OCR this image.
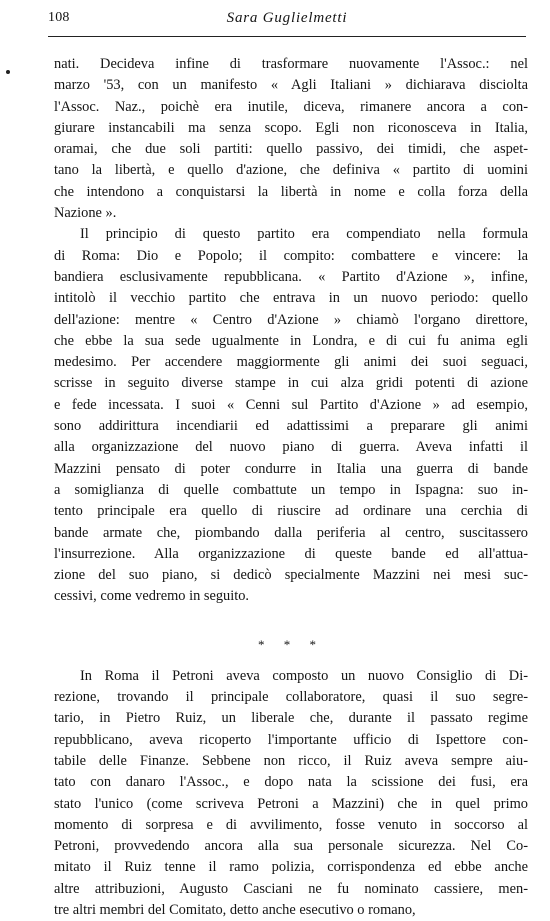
108	Sara Guglielmetti
nati. Decideva infine di trasformare nuovamente l'Assoc.: nel
marzo '53, con un manifesto « Agli Italiani » dichiarava disciolta
l'Assoc. Naz., poichè era inutile, diceva, rimanere ancora a con-
giurare instancabili ma senza scopo. Egli non riconosceva in Italia,
oramai, che due soli partiti: quello passivo, dei timidi, che aspet-
tano la libertà, e quello d'azione, che definiva « partito di uomini
che intendono a conquistarsi la libertà in nome e colla forza della
Nazione ».
Il principio di questo partito era compendiato nella formula
di Roma: Dio e Popolo; il compito: combattere e vincere: la
bandiera esclusivamente repubblicana. « Partito d'Azione », infine,
intitolò il vecchio partito che entrava in un nuovo periodo: quello
dell'azione: mentre « Centro d'Azione » chiamò l'organo direttore,
che ebbe la sua sede ugualmente in Londra, e di cui fu anima egli
medesimo. Per accendere maggiormente gli animi dei suoi seguaci,
scrisse in seguito diverse stampe in cui alza gridi potenti di azione
e fede incessata. I suoi « Cenni sul Partito d'Azione » ad esempio,
sono addirittura incendiarii ed adattissimi a preparare gli animi
alla organizzazione del nuovo piano di guerra. Aveva infatti il
Mazzini pensato di poter condurre in Italia una guerra di bande
a somiglianza di quelle combattute un tempo in Ispagna: suo in-
tento principale era quello di riuscire ad ordinare una cerchia di
bande armate che, piombando dalla periferia al centro, suscitassero
l'insurrezione. Alla organizzazione di queste bande ed all'attua-
zione del suo piano, si dedicò specialmente Mazzini nei mesi suc-
cessivi, come vedremo in seguito.
* * *
In Roma il Petroni aveva composto un nuovo Consiglio di Di-
rezione, trovando il principale collaboratore, quasi il suo segre-
tario, in Pietro Ruiz, un liberale che, durante il passato regime
repubblicano, aveva ricoperto l'importante ufficio di Ispettore con-
tabile delle Finanze. Sebbene non ricco, il Ruiz aveva sempre aiu-
tato con danaro l'Assoc., e dopo nata la scissione dei fusi, era
stato l'unico (come scriveva Petroni a Mazzini) che in quel primo
momento di sorpresa e di avvilimento, fosse venuto in soccorso al
Petroni, provvedendo ancora alla sua personale sicurezza. Nel Co-
mitato il Ruiz tenne il ramo polizia, corrispondenza ed ebbe anche
altre attribuzioni, Augusto Casciani ne fu nominato cassiere, men-
tre altri membri del Comitato, detto anche esecutivo o romano,
